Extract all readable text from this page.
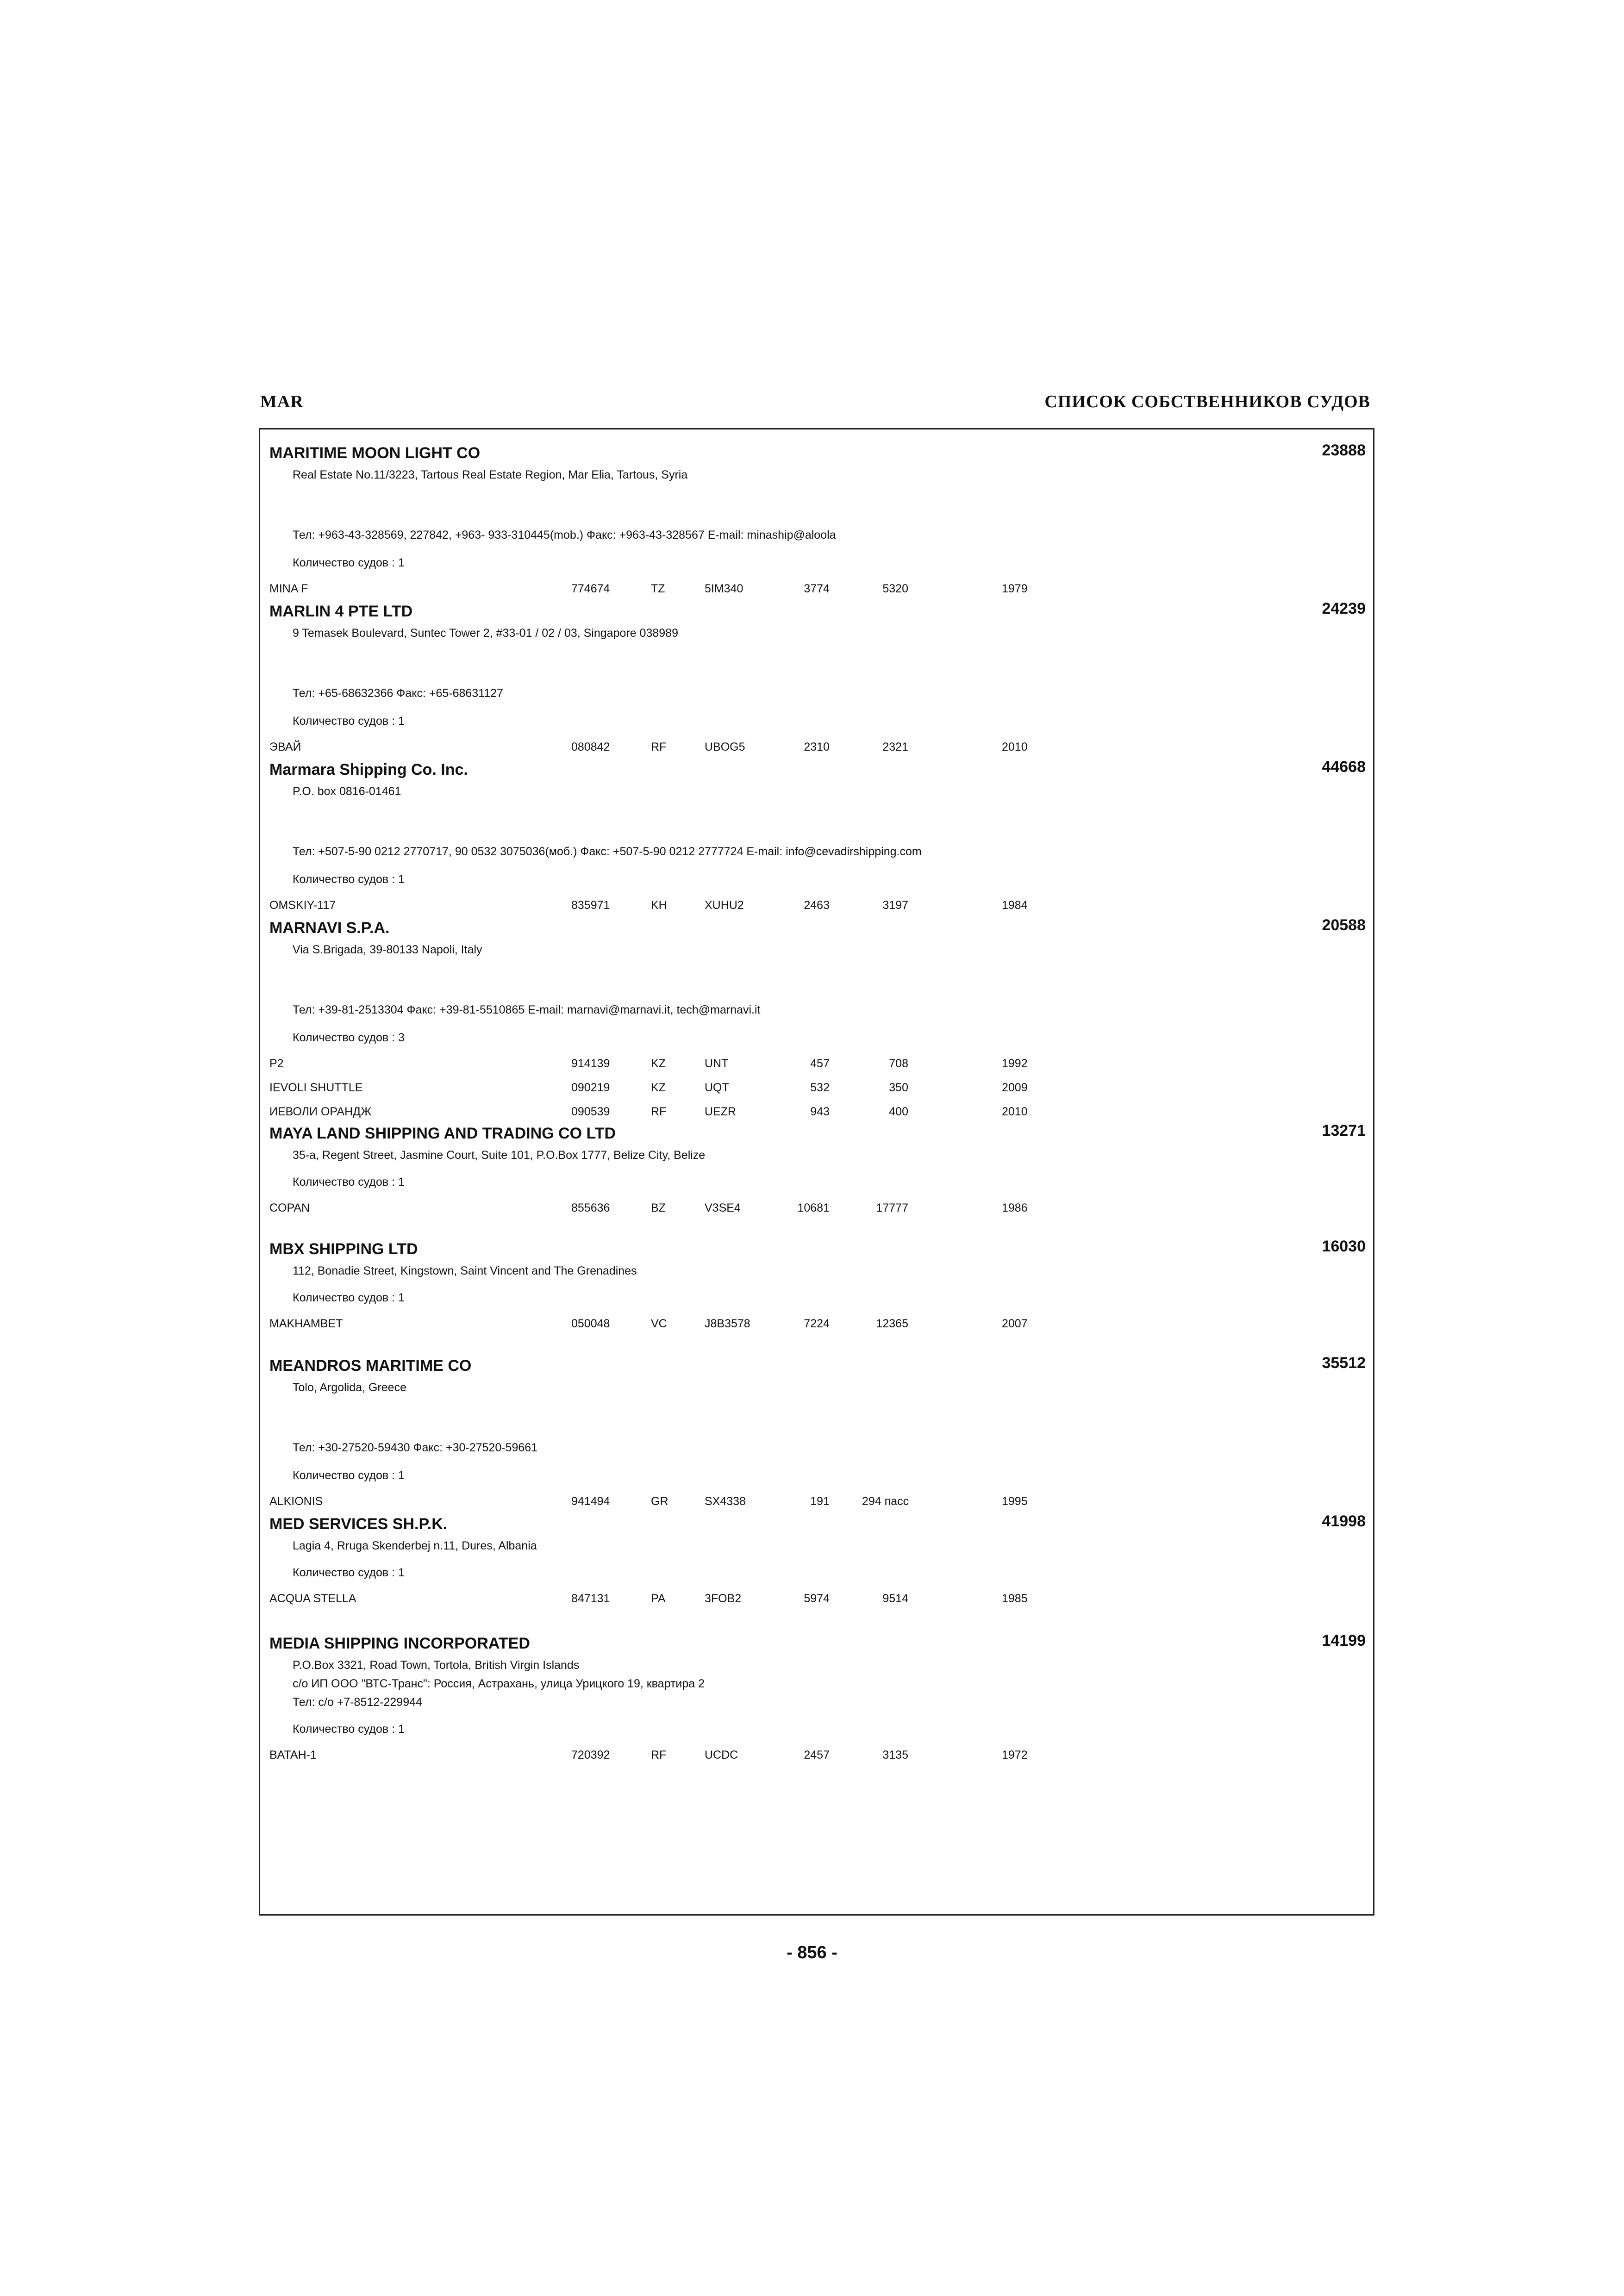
MAR	СПИСОК СОБСТВЕННИКОВ СУДОВ
MARITIME MOON LIGHT CO	23888
Real Estate No.11/3223, Tartous Real Estate Region, Mar Elia, Tartous, Syria
Тел: +963-43-328569, 227842, +963- 933-310445(mob.) Факс: +963-43-328567 E-mail: minaship@aloola
Количество судов : 1
MINA F	774674	TZ	5IM340	3774	5320	1979
MARLIN 4 PTE LTD	24239
9 Temasek Boulevard, Suntec Tower 2, #33-01 / 02 / 03, Singapore 038989
Тел: +65-68632366 Факс: +65-68631127
Количество судов : 1
ЭВАЙ	080842	RF	UBOG5	2310	2321	2010
Marmara Shipping Co. Inc.	44668
P.O. box 0816-01461
Тел: +507-5-90 0212 2770717, 90 0532 3075036(моб.) Факс: +507-5-90 0212 2777724 E-mail: info@cevadirshipping.com
Количество судов : 1
OMSKIY-117	835971	KH	XUHU2	2463	3197	1984
MARNAVI S.P.A.	20588
Via S.Brigada, 39-80133 Napoli, Italy
Тел: +39-81-2513304 Факс: +39-81-5510865 E-mail: marnavi@marnavi.it, tech@marnavi.it
Количество судов : 3
P2	914139	KZ	UNT	457	708	1992
IEVOLI SHUTTLE	090219	KZ	UQT	532	350	2009
ИЕВОЛИ ОРАНДЖ	090539	RF	UEZR	943	400	2010
MAYA LAND SHIPPING AND TRADING CO LTD	13271
35-a, Regent Street, Jasmine Court, Suite 101, P.O.Box 1777, Belize City, Belize
Количество судов : 1
COPAN	855636	BZ	V3SE4	10681	17777	1986
MBX SHIPPING LTD	16030
112, Bonadie Street, Kingstown, Saint Vincent and The Grenadines
Количество судов : 1
MAKHAMBET	050048	VC	J8B3578	7224	12365	2007
MEANDROS MARITIME CO	35512
Tolo, Argolida, Greece
Тел: +30-27520-59430 Факс: +30-27520-59661
Количество судов : 1
ALKIONIS	941494	GR	SX4338	191	294 пасс	1995
MED SERVICES SH.P.K.	41998
Lagia 4, Rruga Skenderbej n.11, Dures, Albania
Количество судов : 1
ACQUA STELLA	847131	PA	3FOB2	5974	9514	1985
MEDIA SHIPPING INCORPORATED	14199
P.O.Box 3321, Road Town, Tortola, British Virgin Islands
c/o ИП ООО "ВТС-Транс": Россия, Астрахань, улица Урицкого 19, квартира 2
Тел: c/o +7-8512-229944
Количество судов : 1
BATAH-1	720392	RF	UCDC	2457	3135	1972
- 856 -
